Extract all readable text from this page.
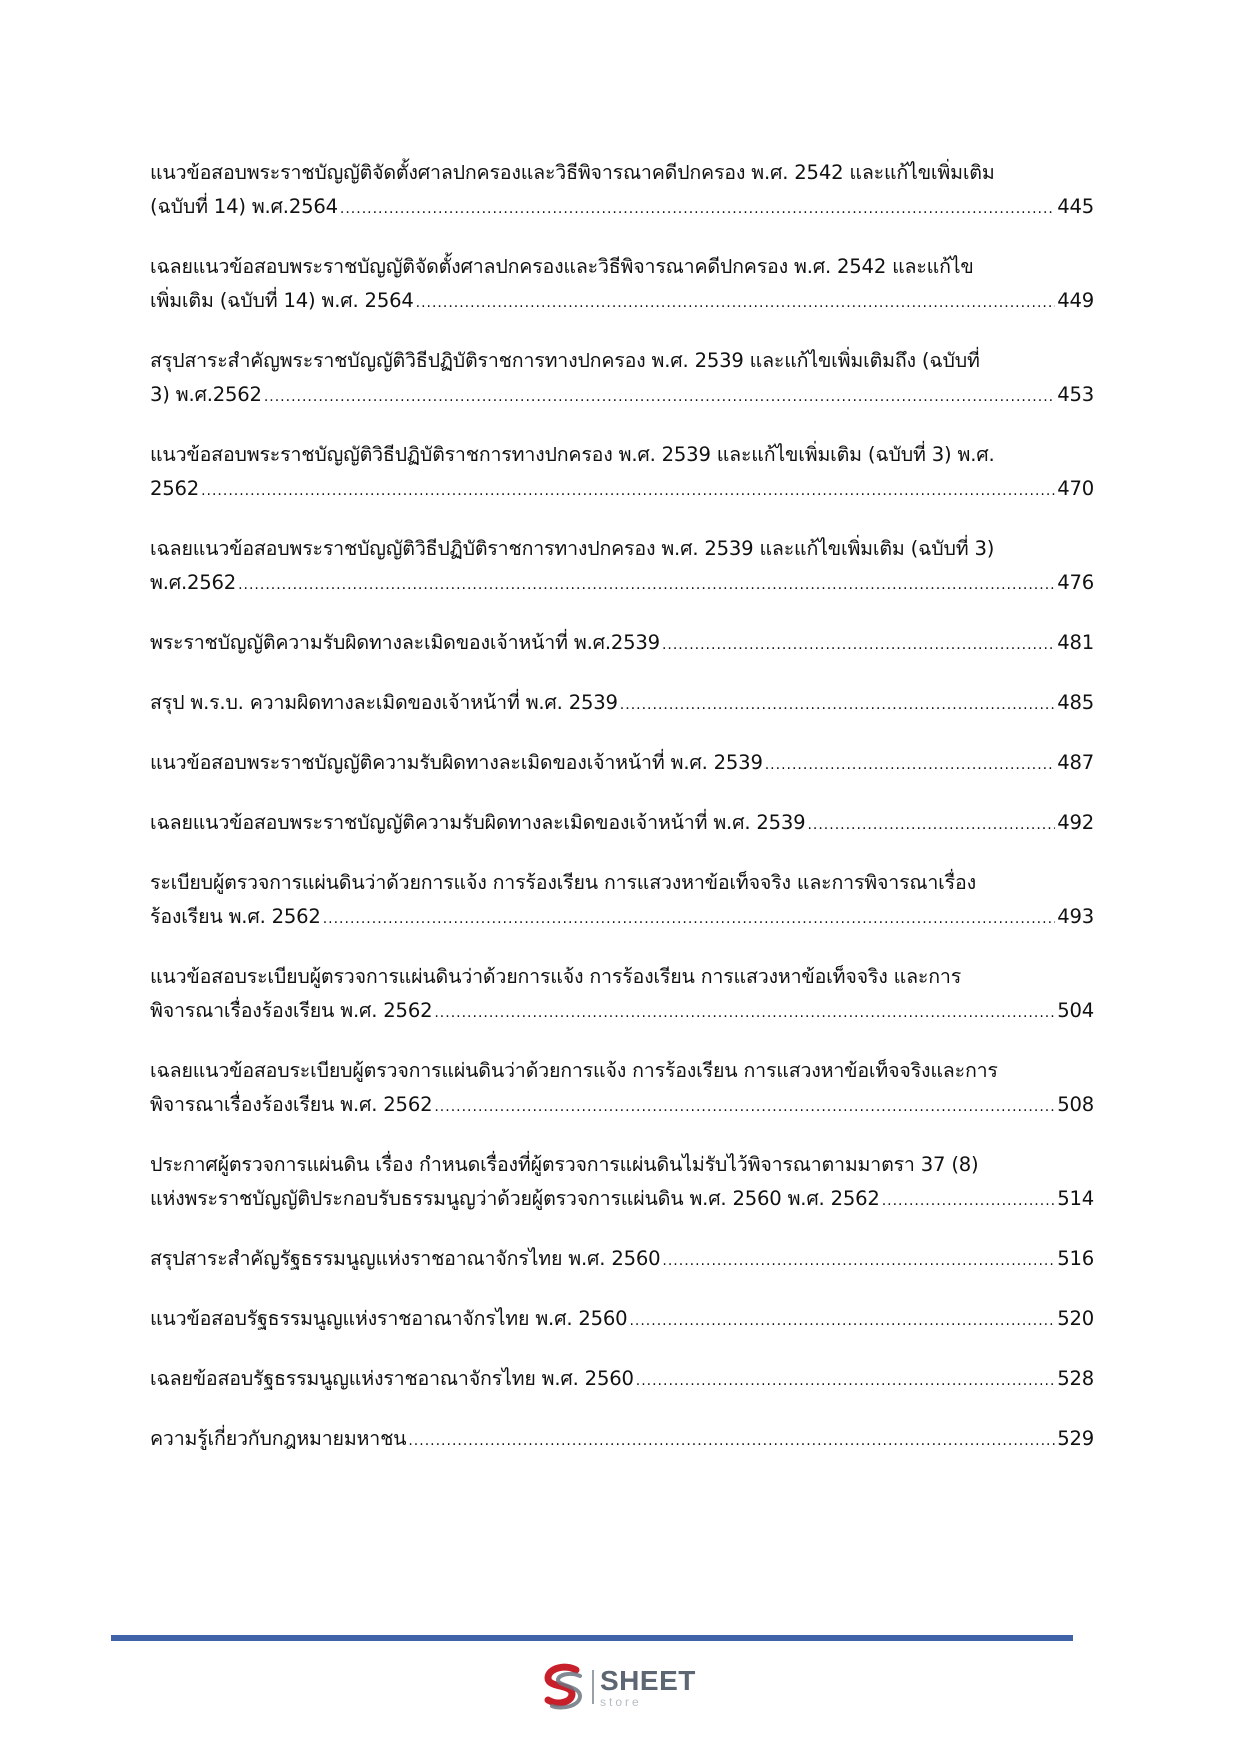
แนวข้อสอบพระราชบัญญัติจัดตั้งศาลปกครองและวิธีพิจารณาคดีปกครอง พ.ศ. 2542 และแก้ไขเพิ่มเติม
(ฉบับที่ 14) พ.ศ.2564 .....	445
เฉลยแนวข้อสอบพระราชบัญญัติจัดตั้งศาลปกครองและวิธีพิจารณาคดีปกครอง พ.ศ. 2542 และแก้ไข
เพิ่มเติม (ฉบับที่ 14) พ.ศ. 2564 .....	449
สรุปสาระสำคัญพระราชบัญญัติวิธีปฏิบัติราชการทางปกครอง พ.ศ. 2539 และแก้ไขเพิ่มเติมถึง (ฉบับที่
3) พ.ศ.2562 .....	453
แนวข้อสอบพระราชบัญญัติวิธีปฏิบัติราชการทางปกครอง พ.ศ. 2539 และแก้ไขเพิ่มเติม (ฉบับที่ 3) พ.ศ.
2562 .....	470
เฉลยแนวข้อสอบพระราชบัญญัติวิธีปฏิบัติราชการทางปกครอง พ.ศ. 2539 และแก้ไขเพิ่มเติม (ฉบับที่ 3)
พ.ศ.2562 .....	476
พระราชบัญญัติความรับผิดทางละเมิดของเจ้าหน้าที่ พ.ศ.2539 .....	481
สรุป พ.ร.บ. ความผิดทางละเมิดของเจ้าหน้าที่ พ.ศ. 2539 .....	485
แนวข้อสอบพระราชบัญญัติความรับผิดทางละเมิดของเจ้าหน้าที่ พ.ศ. 2539 .....	487
เฉลยแนวข้อสอบพระราชบัญญัติความรับผิดทางละเมิดของเจ้าหน้าที่ พ.ศ. 2539 .....	492
ระเบียบผู้ตรวจการแผ่นดินว่าด้วยการแจ้ง การร้องเรียน การแสวงหาข้อเท็จจริง และการพิจารณาเรื่อง
ร้องเรียน พ.ศ. 2562 .....	493
แนวข้อสอบระเบียบผู้ตรวจการแผ่นดินว่าด้วยการแจ้ง การร้องเรียน การแสวงหาข้อเท็จจริง และการ
พิจารณาเรื่องร้องเรียน พ.ศ. 2562 .....	504
เฉลยแนวข้อสอบระเบียบผู้ตรวจการแผ่นดินว่าด้วยการแจ้ง การร้องเรียน การแสวงหาข้อเท็จจริงและการ
พิจารณาเรื่องร้องเรียน พ.ศ. 2562 .....	508
ประกาศผู้ตรวจการแผ่นดิน เรื่อง กำหนดเรื่องที่ผู้ตรวจการแผ่นดินไม่รับไว้พิจารณาตามมาตรา 37 (8)
แห่งพระราชบัญญัติประกอบรับธรรมนูญว่าด้วยผู้ตรวจการแผ่นดิน พ.ศ. 2560 พ.ศ. 2562 .....	514
สรุปสาระสำคัญรัฐธรรมนูญแห่งราชอาณาจักรไทย พ.ศ. 2560 .....	516
แนวข้อสอบรัฐธรรมนูญแห่งราชอาณาจักรไทย พ.ศ. 2560 .....	520
เฉลยข้อสอบรัฐธรรมนูญแห่งราชอาณาจักรไทย พ.ศ. 2560 .....	528
ความรู้เกี่ยวกับกฎหมายมหาชน .....	529
SHEET
store
